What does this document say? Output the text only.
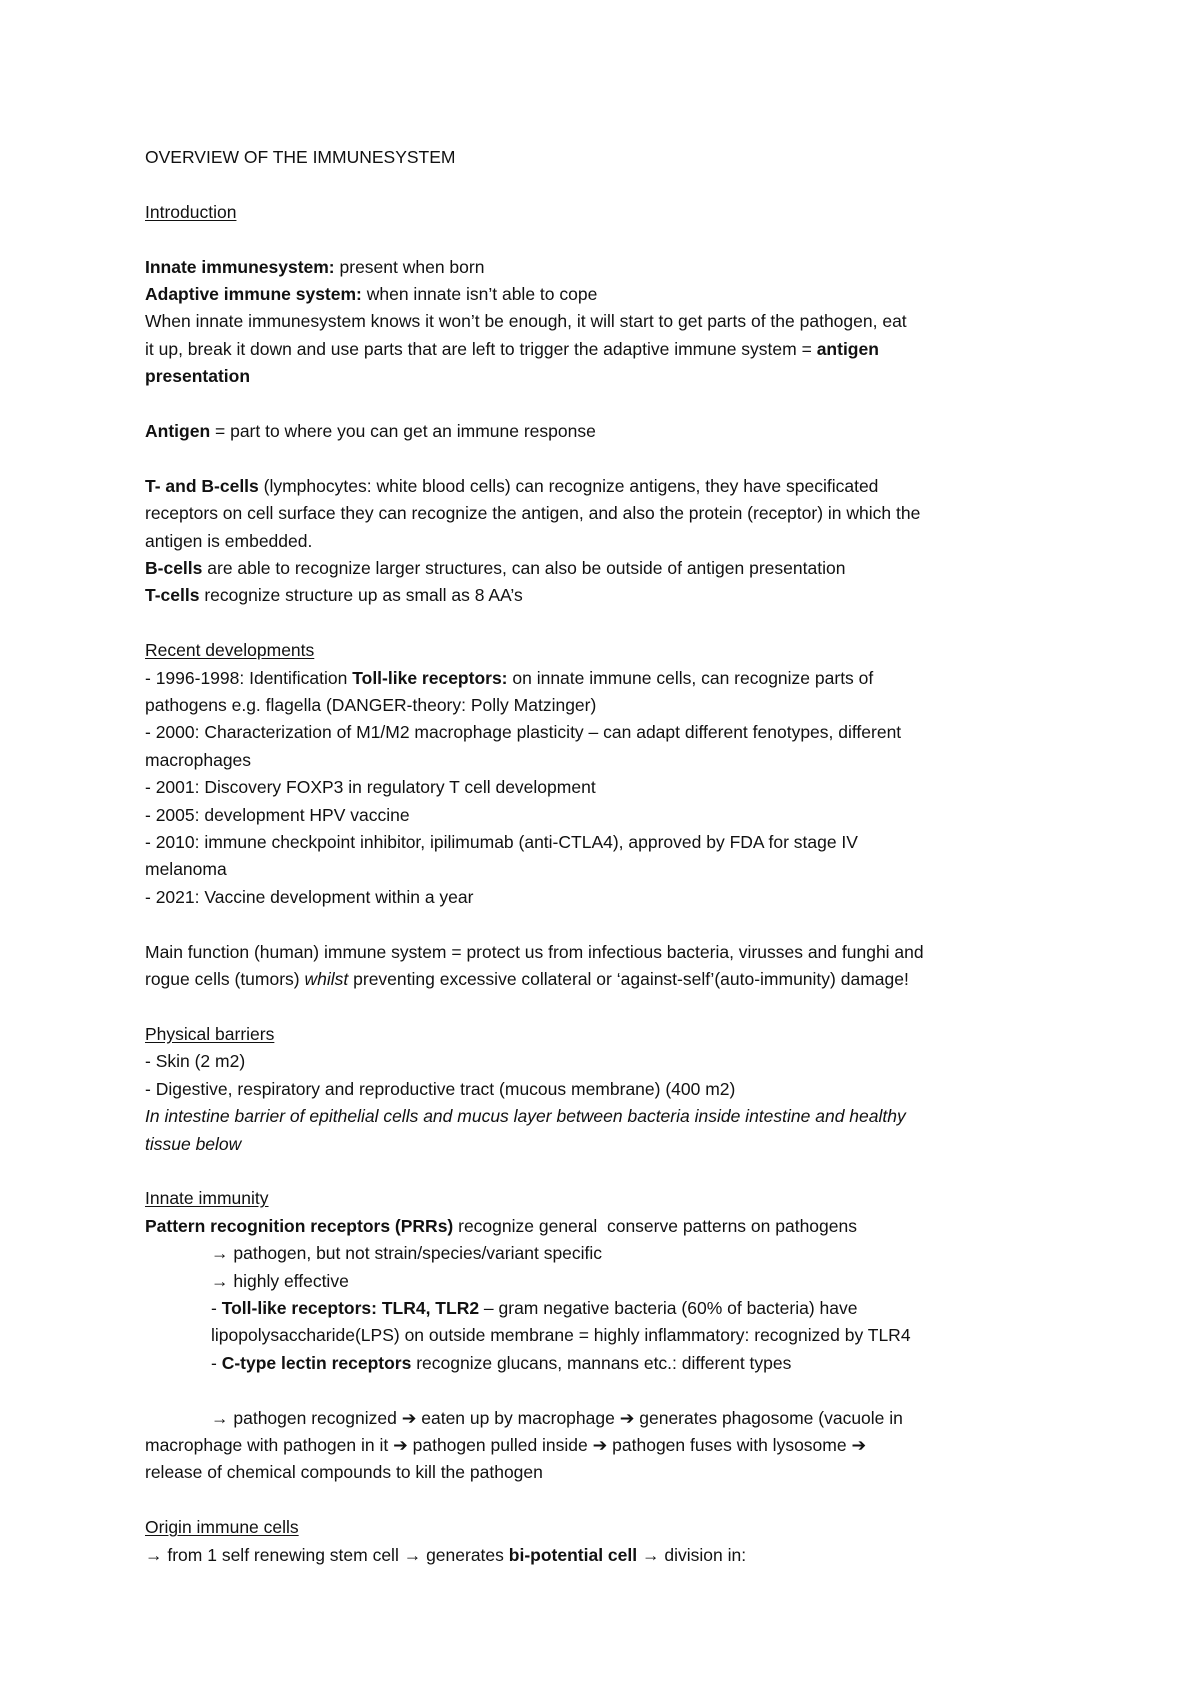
OVERVIEW OF THE IMMUNESYSTEM
Introduction
Innate immunesystem: present when born
Adaptive immune system: when innate isn’t able to cope
When innate immunesystem knows it won’t be enough, it will start to get parts of the pathogen, eat
it up, break it down and use parts that are left to trigger the adaptive immune system = antigen
presentation
Antigen = part to where you can get an immune response
T- and B-cells (lymphocytes: white blood cells) can recognize antigens, they have specificated
receptors on cell surface they can recognize the antigen, and also the protein (receptor) in which the
antigen is embedded.
B-cells are able to recognize larger structures, can also be outside of antigen presentation
T-cells recognize structure up as small as 8 AA’s
Recent developments
- 1996-1998: Identification Toll-like receptors: on innate immune cells, can recognize parts of
pathogens e.g. flagella (DANGER-theory: Polly Matzinger)
- 2000: Characterization of M1/M2 macrophage plasticity – can adapt different fenotypes, different
macrophages
- 2001: Discovery FOXP3 in regulatory T cell development
- 2005: development HPV vaccine
- 2010: immune checkpoint inhibitor, ipilimumab (anti-CTLA4), approved by FDA for stage IV
melanoma
- 2021: Vaccine development within a year
Main function (human) immune system = protect us from infectious bacteria, virusses and funghi and
rogue cells (tumors) whilst preventing excessive collateral or ‘against-self’(auto-immunity) damage!
Physical barriers
- Skin (2 m2)
- Digestive, respiratory and reproductive tract (mucous membrane) (400 m2)
In intestine barrier of epithelial cells and mucus layer between bacteria inside intestine and healthy
tissue below
Innate immunity
Pattern recognition receptors (PRRs) recognize general  conserve patterns on pathogens
→ pathogen, but not strain/species/variant specific
→ highly effective
- Toll-like receptors: TLR4, TLR2 – gram negative bacteria (60% of bacteria) have
lipopolysaccharide(LPS) on outside membrane = highly inflammatory: recognized by TLR4
- C-type lectin receptors recognize glucans, mannans etc.: different types
→ pathogen recognized ➔ eaten up by macrophage ➔ generates phagosome (vacuole in
macrophage with pathogen in it ➔ pathogen pulled inside ➔ pathogen fuses with lysosome ➔
release of chemical compounds to kill the pathogen
Origin immune cells
→ from 1 self renewing stem cell → generates bi-potential cell → division in:
